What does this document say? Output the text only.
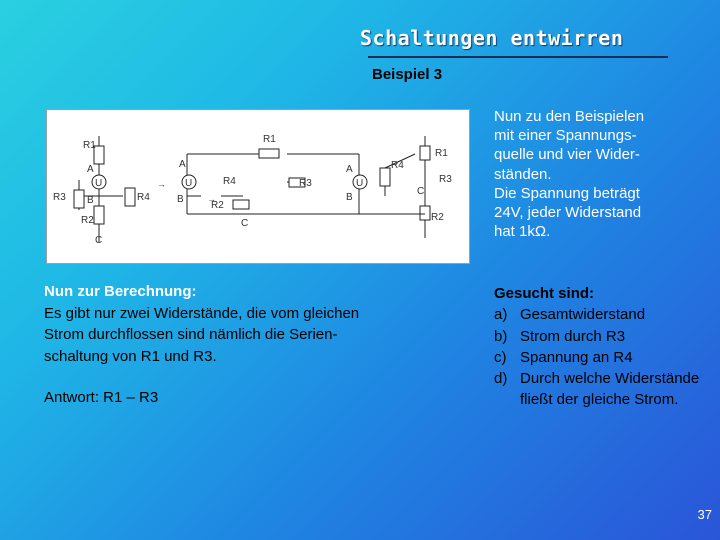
Schaltungen entwirren
Beispiel 3
→
→
R1
R2
R3	R4
U
A
B
C
R1
A
B
R2
C
R3
R4
U
A
B
U
R1
R3
R4
R2
C

Nun zu den Beispielen

mit einer Spannungs-

quelle und vier Wider-

ständen.

Die Spannung beträgt

24V, jeder Widerstand

hat 1kΩ.

Nun zur Berechnung:

Es gibt nur zwei Widerstände, die vom gleichen

Strom durchflossen sind nämlich die Serien-

schaltung von R1 und R3.

Antwort: R1 – R3
Gesucht sind:
a) Gesamtwiderstand
b) Strom durch R3
c) Spannung an R4
d) Durch welche Widerstände fließt der gleiche Strom.
37
